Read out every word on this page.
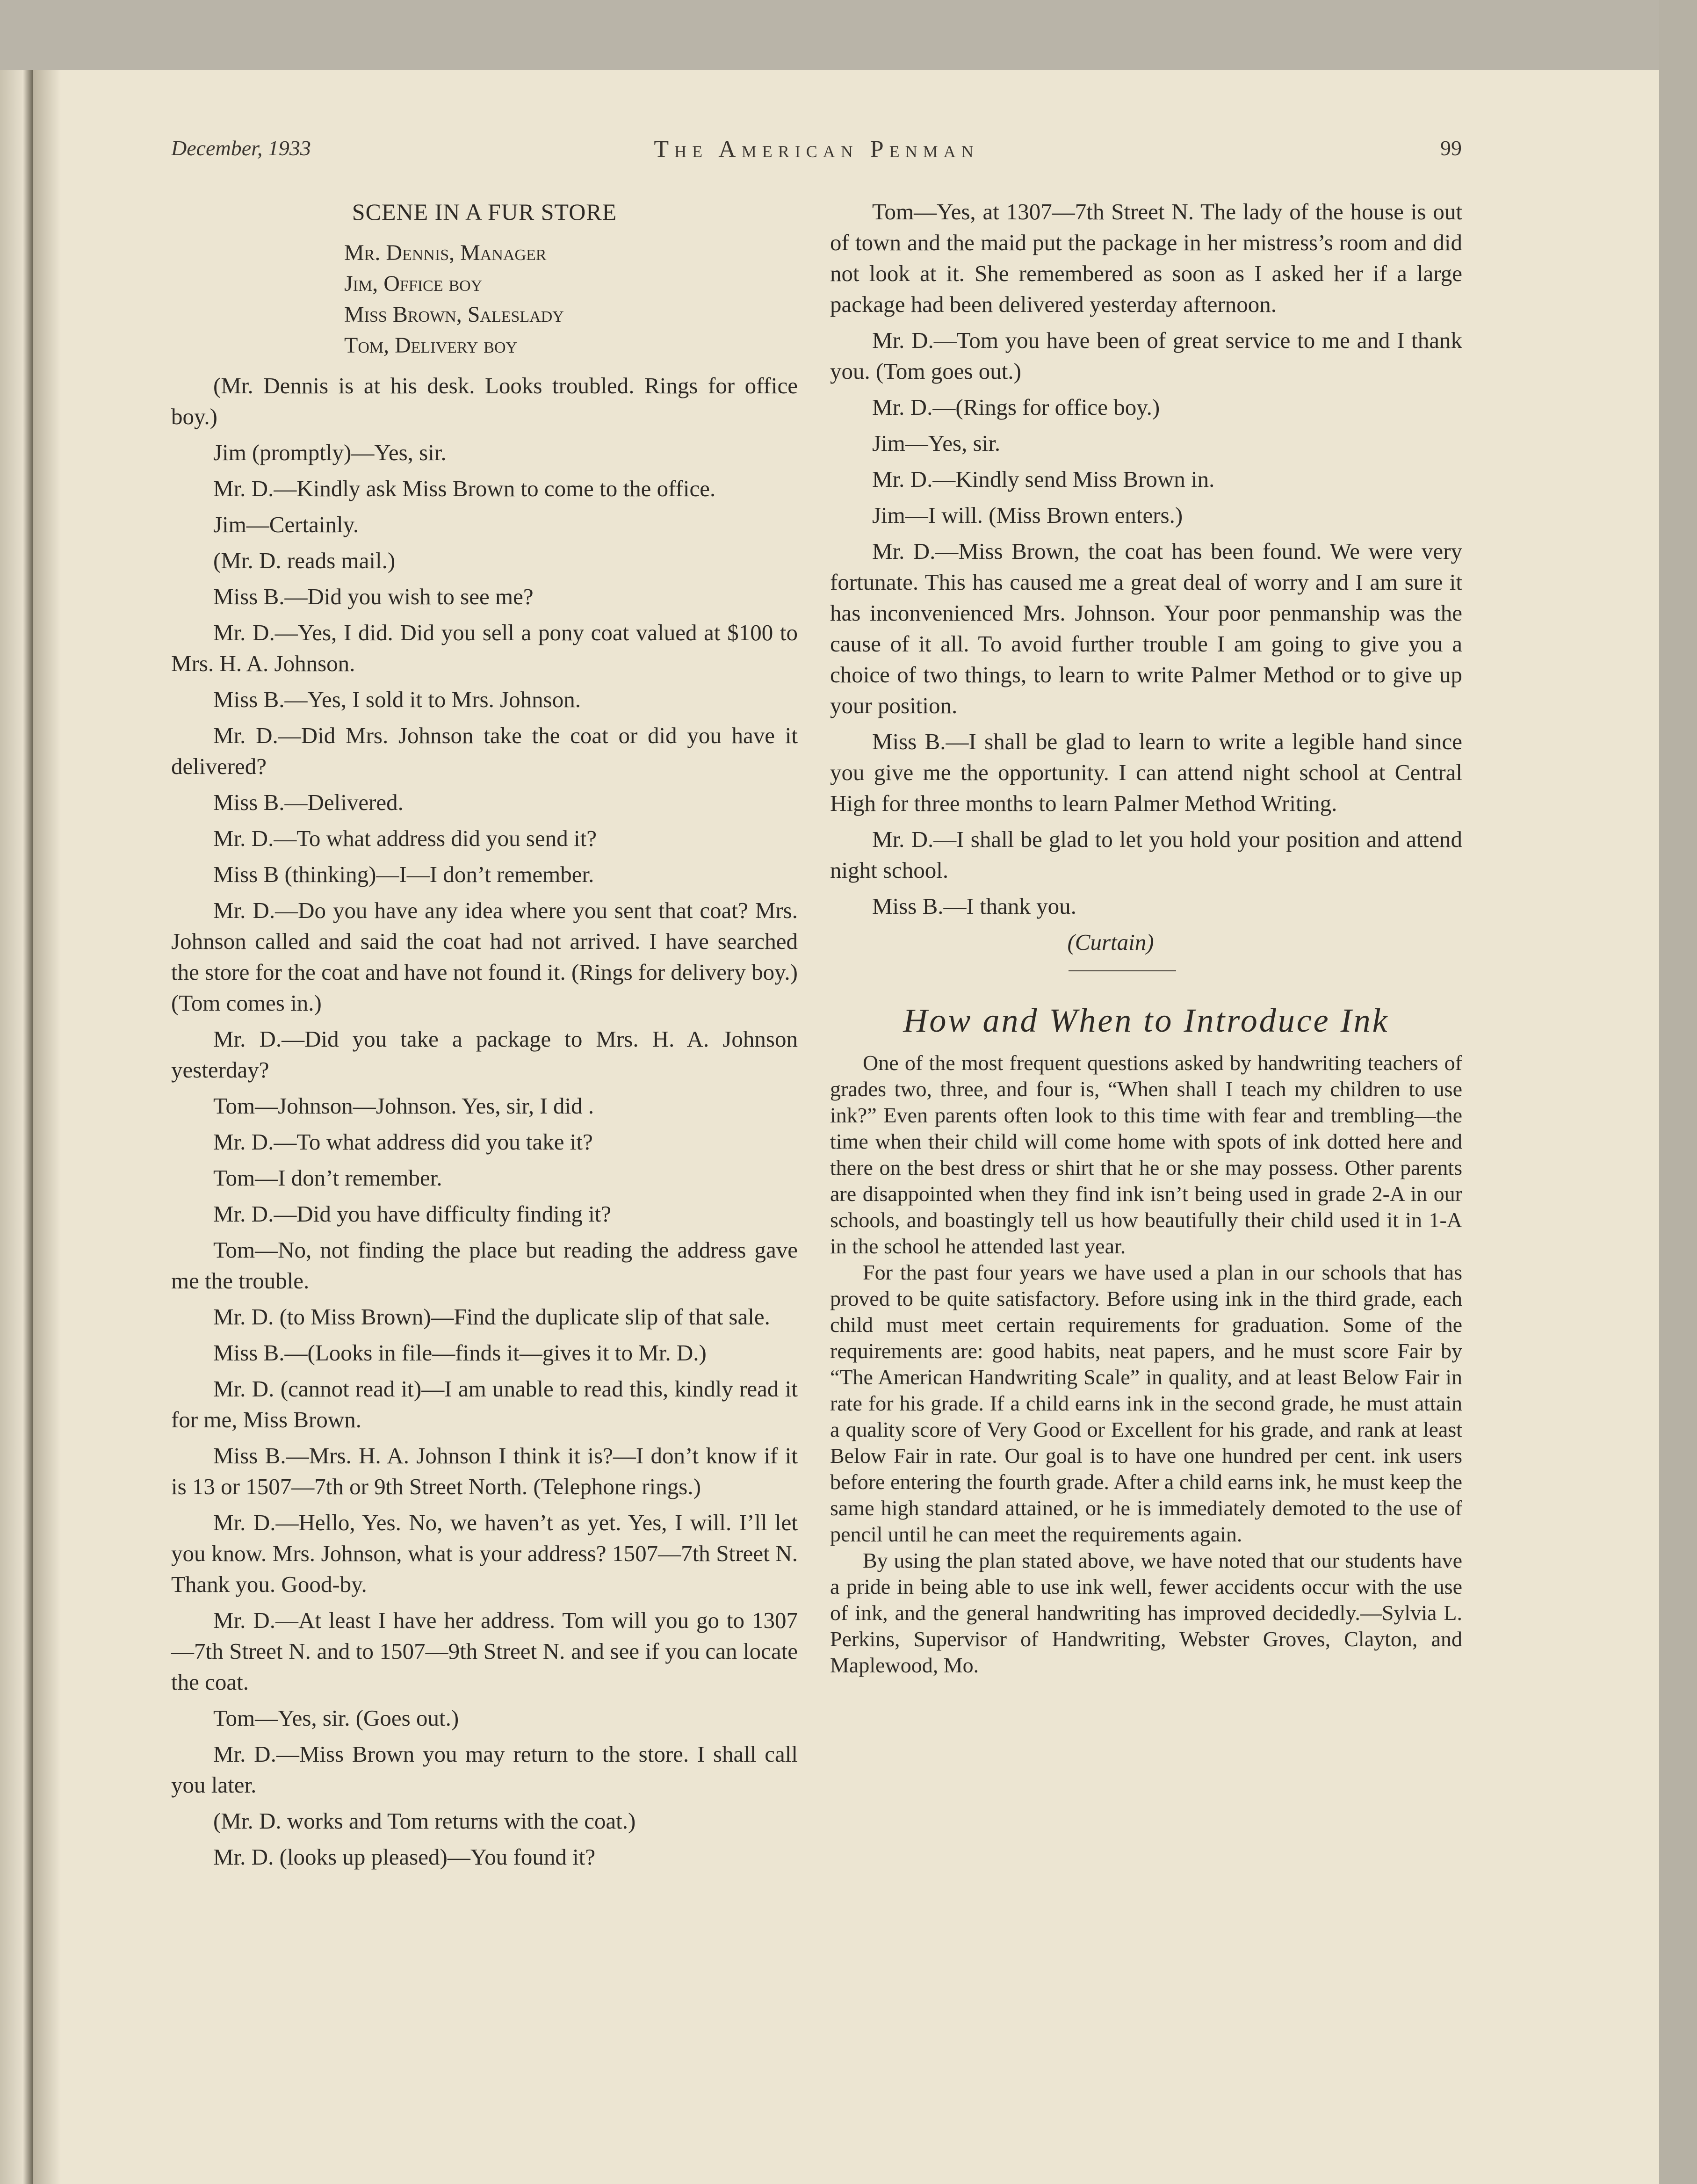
December, 1933	The American Penman	99
SCENE IN A FUR STORE
Mr. Dennis, Manager
Jim, Office boy
Miss Brown, Saleslady
Tom, Delivery boy
(Mr. Dennis is at his desk. Looks troubled. Rings for office boy.)
Jim (promptly)—Yes, sir.
Mr. D.—Kindly ask Miss Brown to come to the office.
Jim—Certainly.
(Mr. D. reads mail.)
Miss B.—Did you wish to see me?
Mr. D.—Yes, I did. Did you sell a pony coat valued at $100 to Mrs. H. A. Johnson.
Miss B.—Yes, I sold it to Mrs. Johnson.
Mr. D.—Did Mrs. Johnson take the coat or did you have it delivered?
Miss B.—Delivered.
Mr. D.—To what address did you send it?
Miss B (thinking)—I—I don’t remember.
Mr. D.—Do you have any idea where you sent that coat? Mrs. Johnson called and said the coat had not arrived. I have searched the store for the coat and have not found it. (Rings for delivery boy.) (Tom comes in.)
Mr. D.—Did you take a package to Mrs. H. A. Johnson yesterday?
Tom—Johnson—Johnson. Yes, sir, I did .
Mr. D.—To what address did you take it?
Tom—I don’t remember.
Mr. D.—Did you have difficulty finding it?
Tom—No, not finding the place but reading the address gave me the trouble.
Mr. D. (to Miss Brown)—Find the duplicate slip of that sale.
Miss B.—(Looks in file—finds it—gives it to Mr. D.)
Mr. D. (cannot read it)—I am unable to read this, kindly read it for me, Miss Brown.
Miss B.—Mrs. H. A. Johnson I think it is?—I don’t know if it is 13 or 1507—7th or 9th Street North. (Telephone rings.)
Mr. D.—Hello, Yes. No, we haven’t as yet. Yes, I will. I’ll let you know. Mrs. Johnson, what is your address? 1507—7th Street N. Thank you. Good-by.
Mr. D.—At least I have her address. Tom will you go to 1307—7th Street N. and to 1507—9th Street N. and see if you can locate the coat.
Tom—Yes, sir. (Goes out.)
Mr. D.—Miss Brown you may return to the store. I shall call you later.
(Mr. D. works and Tom returns with the coat.)
Mr. D. (looks up pleased)—You found it?
Tom—Yes, at 1307—7th Street N. The lady of the house is out of town and the maid put the package in her mistress’s room and did not look at it. She remembered as soon as I asked her if a large package had been delivered yesterday afternoon.
Mr. D.—Tom you have been of great service to me and I thank you. (Tom goes out.)
Mr. D.—(Rings for office boy.)
Jim—Yes, sir.
Mr. D.—Kindly send Miss Brown in.
Jim—I will. (Miss Brown enters.)
Mr. D.—Miss Brown, the coat has been found. We were very fortunate. This has caused me a great deal of worry and I am sure it has inconvenienced Mrs. Johnson. Your poor penmanship was the cause of it all. To avoid further trouble I am going to give you a choice of two things, to learn to write Palmer Method or to give up your position.
Miss B.—I shall be glad to learn to write a legible hand since you give me the opportunity. I can attend night school at Central High for three months to learn Palmer Method Writing.
Mr. D.—I shall be glad to let you hold your position and attend night school.
Miss B.—I thank you.
(Curtain)
How and When to Introduce Ink
One of the most frequent questions asked by handwriting teachers of grades two, three, and four is, “When shall I teach my children to use ink?” Even parents often look to this time with fear and trembling—the time when their child will come home with spots of ink dotted here and there on the best dress or shirt that he or she may possess. Other parents are disappointed when they find ink isn’t being used in grade 2-A in our schools, and boastingly tell us how beautifully their child used it in 1-A in the school he attended last year.
For the past four years we have used a plan in our schools that has proved to be quite satisfactory. Before using ink in the third grade, each child must meet certain requirements for graduation. Some of the requirements are: good habits, neat papers, and he must score Fair by “The American Handwriting Scale” in quality, and at least Below Fair in rate for his grade. If a child earns ink in the second grade, he must attain a quality score of Very Good or Excellent for his grade, and rank at least Below Fair in rate. Our goal is to have one hundred per cent. ink users before entering the fourth grade. After a child earns ink, he must keep the same high standard attained, or he is immediately demoted to the use of pencil until he can meet the requirements again.
By using the plan stated above, we have noted that our students have a pride in being able to use ink well, fewer accidents occur with the use of ink, and the general handwriting has improved decidedly.—Sylvia L. Perkins, Supervisor of Handwriting, Webster Groves, Clayton, and Maplewood, Mo.
